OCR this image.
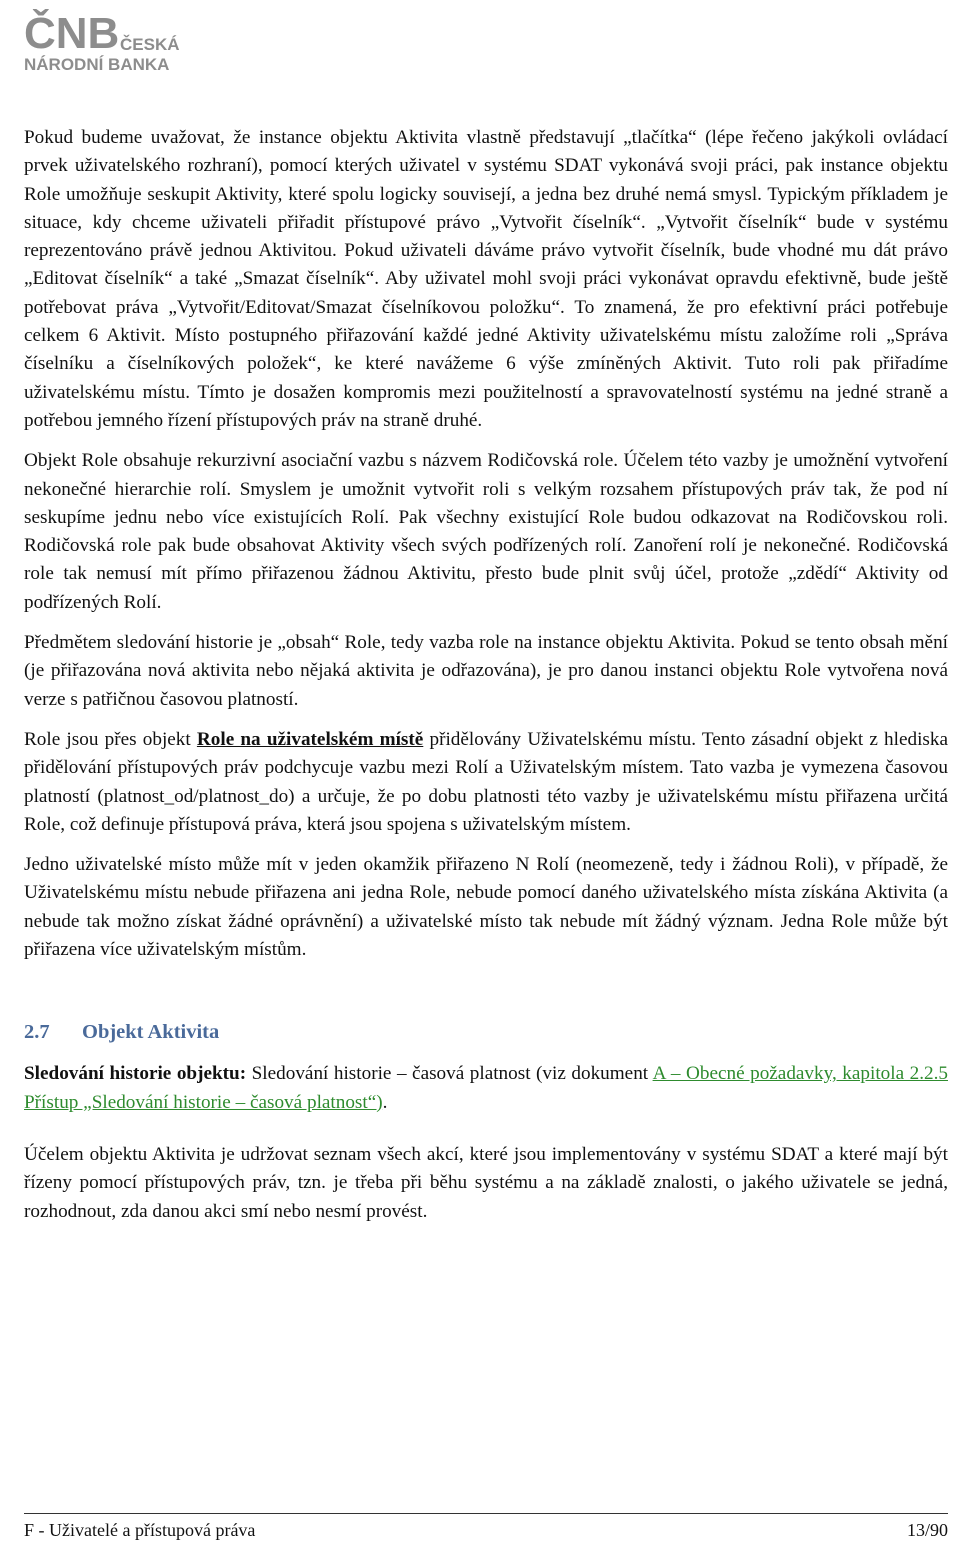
ČNB ČESKÁ
NÁRODNÍ BANKA

Pokud budeme uvažovat, že instance objektu Aktivita vlastně představují „tlačítka“ (lépe řečeno jakýkoli ovládací prvek uživatelského rozhraní), pomocí kterých uživatel v systému SDAT vykonává svoji práci, pak instance objektu Role umožňuje seskupit Aktivity, které spolu logicky souvisejí, a jedna bez druhé nemá smysl. Typickým příkladem je situace, kdy chceme uživateli přiřadit přístupové právo „Vytvořit číselník“. „Vytvořit číselník“ bude v systému reprezentováno právě jednou Aktivitou. Pokud uživateli dáváme právo vytvořit číselník, bude vhodné mu dát právo „Editovat číselník“ a také „Smazat číselník“. Aby uživatel mohl svoji práci vykonávat opravdu efektivně, bude ještě potřebovat práva „Vytvořit/Editovat/Smazat číselníkovou položku“. To znamená, že pro efektivní práci potřebuje celkem 6 Aktivit. Místo postupného přiřazování každé jedné Aktivity uživatelskému místu založíme roli „Správa číselníku a číselníkových položek“, ke které navážeme 6 výše zmíněných Aktivit. Tuto roli pak přiřadíme uživatelskému místu. Tímto je dosažen kompromis mezi použitelností a spravovatelností systému na jedné straně a potřebou jemného řízení přístupových práv na straně druhé.

Objekt Role obsahuje rekurzivní asociační vazbu s názvem Rodičovská role. Účelem této vazby je umožnění vytvoření nekonečné hierarchie rolí. Smyslem je umožnit vytvořit roli s velkým rozsahem přístupových práv tak, že pod ní seskupíme jednu nebo více existujících Rolí. Pak všechny existující Role budou odkazovat na Rodičovskou roli. Rodičovská role pak bude obsahovat Aktivity všech svých podřízených rolí. Zanoření rolí je nekonečné. Rodičovská role tak nemusí mít přímo přiřazenou žádnou Aktivitu, přesto bude plnit svůj účel, protože „zdědí“ Aktivity od podřízených Rolí.

Předmětem sledování historie je „obsah“ Role, tedy vazba role na instance objektu Aktivita. Pokud se tento obsah mění (je přiřazována nová aktivita nebo nějaká aktivita je odřazována), je pro danou instanci objektu Role vytvořena nová verze s patřičnou časovou platností.

Role jsou přes objekt Role na uživatelském místě přidělovány Uživatelskému místu. Tento zásadní objekt z hlediska přidělování přístupových práv podchycuje vazbu mezi Rolí a Uživatelským místem. Tato vazba je vymezena časovou platností (platnost_od/platnost_do) a určuje, že po dobu platnosti této vazby je uživatelskému místu přiřazena určitá Role, což definuje přístupová práva, která jsou spojena s uživatelským místem.

Jedno uživatelské místo může mít v jeden okamžik přiřazeno N Rolí (neomezeně, tedy i žádnou Roli), v případě, že Uživatelskému místu nebude přiřazena ani jedna Role, nebude pomocí daného uživatelského místa získána Aktivita (a nebude tak možno získat žádné oprávnění) a uživatelské místo tak nebude mít žádný význam. Jedna Role může být přiřazena více uživatelským místům.

2.7 Objekt Aktivita

Sledování historie objektu: Sledování historie – časová platnost (viz dokument A – Obecné požadavky, kapitola 2.2.5 Přístup „Sledování historie – časová platnost“).

Účelem objektu Aktivita je udržovat seznam všech akcí, které jsou implementovány v systému SDAT a které mají být řízeny pomocí přístupových práv, tzn. je třeba při běhu systému a na základě znalosti, o jakého uživatele se jedná, rozhodnout, zda danou akci smí nebo nesmí provést.

F - Uživatelé a přístupová práva	13/90
